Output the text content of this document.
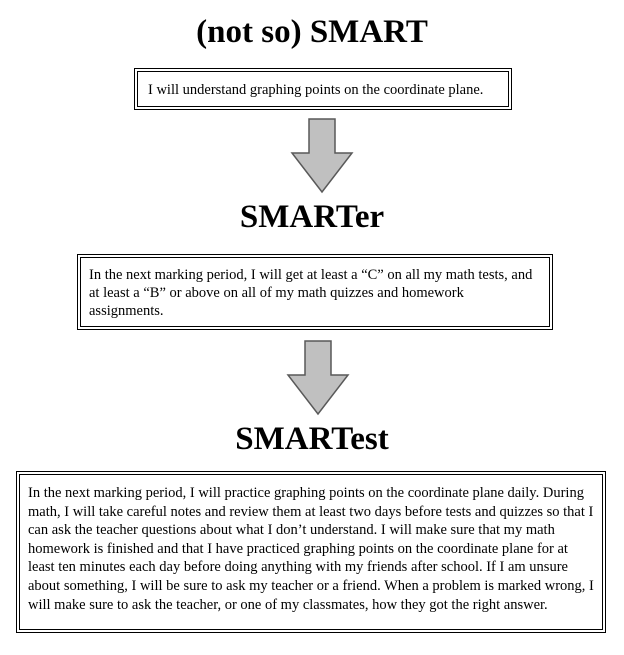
(not so) SMART
I will understand graphing points on the coordinate plane.
SMARTer
In the next marking period, I will get at least a “C” on all my math tests, and at least a “B” or above on all of my math quizzes and homework assignments.
SMARTest
In the next marking period, I will practice graphing points on the coordinate plane daily. During math, I will take careful notes and review them at least two days before tests and quizzes so that I can ask the teacher questions about what I don’t understand. I will make sure that my math homework is finished and that I have practiced graphing points on the coordinate plane for at least ten minutes each day before doing anything with my friends after school. If I am unsure about something, I will be sure to ask my teacher or a friend. When a problem is marked wrong, I will make sure to ask the teacher, or one of my classmates, how they got the right answer.
